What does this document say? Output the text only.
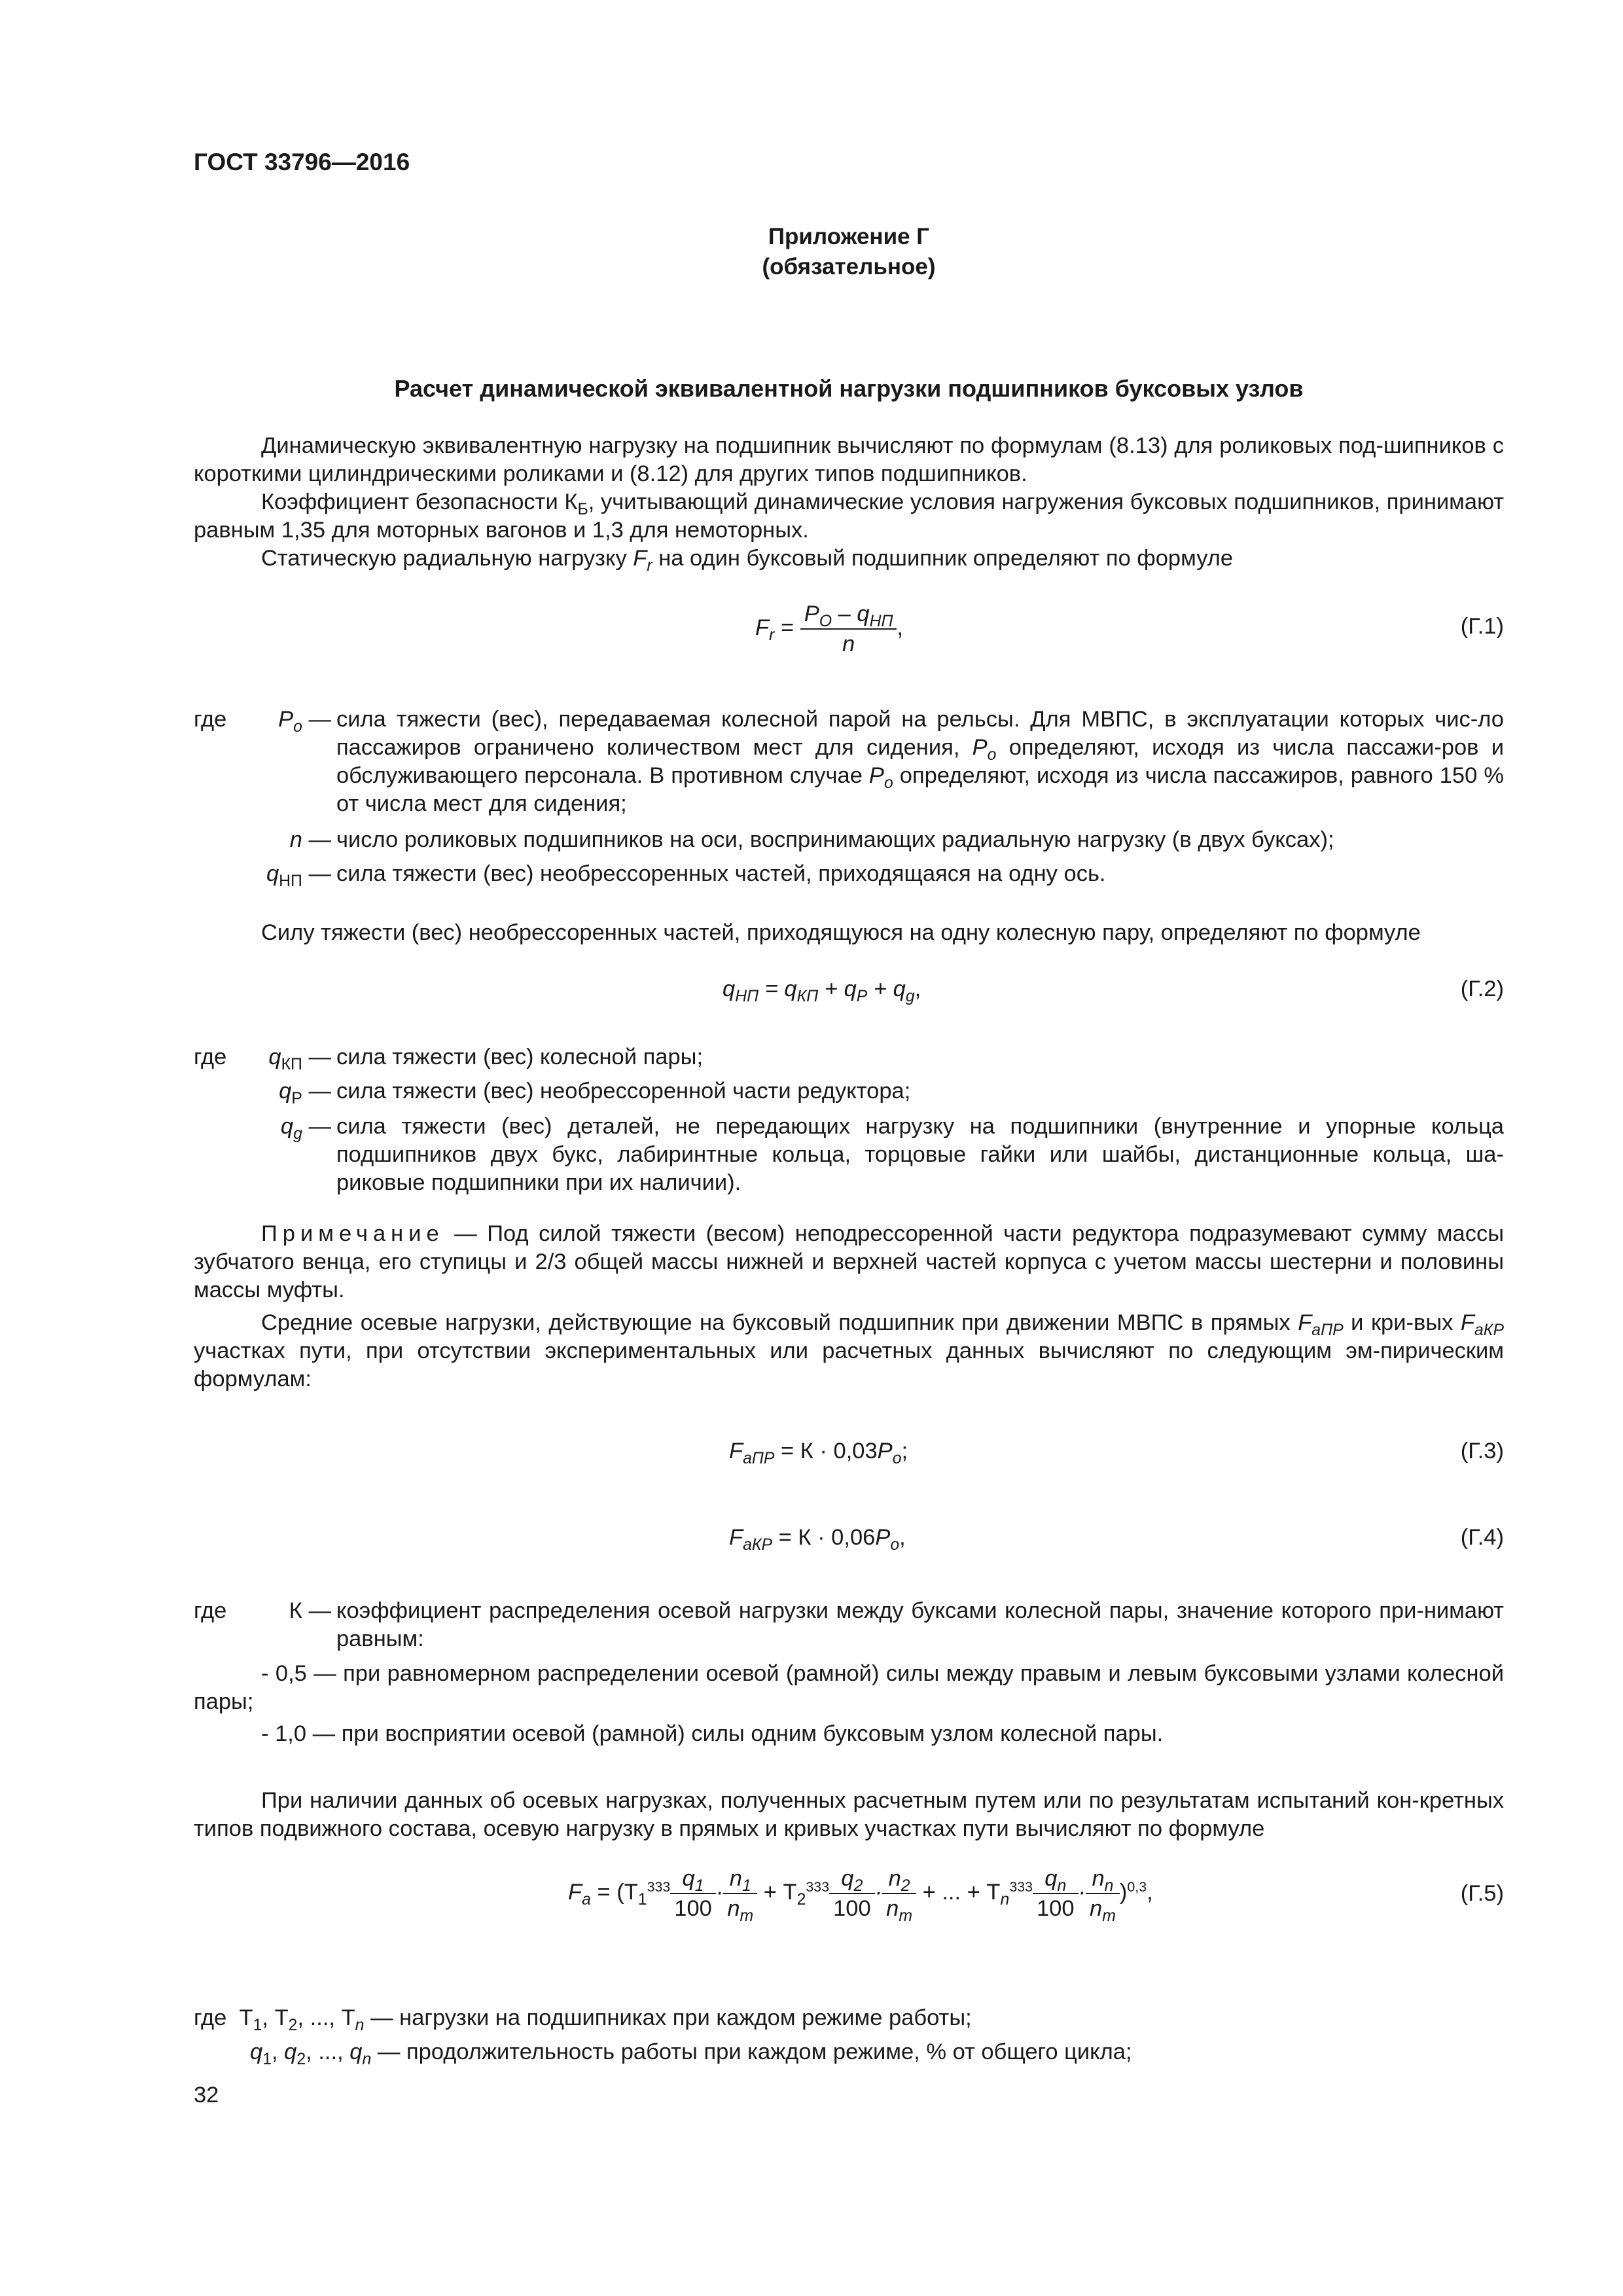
ГОСТ 33796—2016
Приложение Г
(обязательное)
Расчет динамической эквивалентной нагрузки подшипников буксовых узлов
Динамическую эквивалентную нагрузку на подшипник вычисляют по формулам (8.13) для роликовых под-шипников с короткими цилиндрическими роликами и (8.12) для других типов подшипников.
Коэффициент безопасности $К_Б$, учитывающий динамические условия нагружения буксовых подшипников, принимают равным 1,35 для моторных вагонов и 1,3 для немоторных.
Статическую радиальную нагрузку $F_r$ на один буксовый подшипник определяют по формуле
$F_r = \frac{P_O - q_{НП}}{n}$ ,	(Г.1)
где $P_o$ — сила тяжести (вес), передаваемая колесной парой на рельсы. Для МВПС, в эксплуатации которых чис-ло пассажиров ограничено количеством мест для сидения, $P_o$ определяют, исходя из числа пассажи-ров и обслуживающего персонала. В противном случае $P_o$ определяют, исходя из числа пассажиров, равного 150 % от числа мест для сидения;
n — число роликовых подшипников на оси, воспринимающих радиальную нагрузку (в двух буксах);
$q_{НП}$ — сила тяжести (вес) необрессоренных частей, приходящаяся на одну ось.
Силу тяжести (вес) необрессоренных частей, приходящуюся на одну колесную пару, определяют по формуле
$q_{НП} = q_{КП} + q_Р + q_g$,	(Г.2)
где $q_{КП}$ — сила тяжести (вес) колесной пары;
$q_Р$ — сила тяжести (вес) необрессоренной части редуктора;
$q_g$ — сила тяжести (вес) деталей, не передающих нагрузку на подшипники (внутренние и упорные кольца подшипников двух букс, лабиринтные кольца, торцовые гайки или шайбы, дистанционные кольца, ша-риковые подшипники при их наличии).
Примечание — Под силой тяжести (весом) неподрессоренной части редуктора подразумевают сумму массы зубчатого венца, его ступицы и 2/3 общей массы нижней и верхней частей корпуса с учетом массы шестерни и половины массы муфты.
Средние осевые нагрузки, действующие на буксовый подшипник при движении МВПС в прямых $F_{аПР}$ и кри-вых $F_{аКР}$ участках пути, при отсутствии экспериментальных или расчетных данных вычисляют по следующим эм-пирическим формулам:
$F_{аПР} = К \cdot 0,03P_o$;	(Г.3)
$F_{аКР} = К \cdot 0,06P_o$,	(Г.4)
где	К — коэффициент распределения осевой нагрузки между буксами колесной пары, значение которого при-нимают равным:
- 0,5 — при равномерном распределении осевой (рамной) силы между правым и левым буксовыми узлами колесной пары;
- 1,0 — при восприятии осевой (рамной) силы одним буксовым узлом колесной пары.
При наличии данных об осевых нагрузках, полученных расчетным путем или по результатам испытаний кон-кретных типов подвижного состава, осевую нагрузку в прямых и кривых участках пути вычисляют по формуле
$F_a = (Т_1^{333} \frac{q_1}{100} \cdot \frac{n_1}{n_m} + Т_2^{333} \frac{q_2}{100} \cdot \frac{n_2}{n_m}$ + ... + $Т_n^{333} \frac{q_n}{100} \cdot \frac{n_n}{n_m} )^{0,3}$,	(Г.5)
где $Т_1$, $Т_2$, ..., $Т_n$ — нагрузки на подшипниках при каждом режиме работы;
$q_1$, $q_2$, ..., $q_n$ — продолжительность работы при каждом режиме, % от общего цикла;
32
